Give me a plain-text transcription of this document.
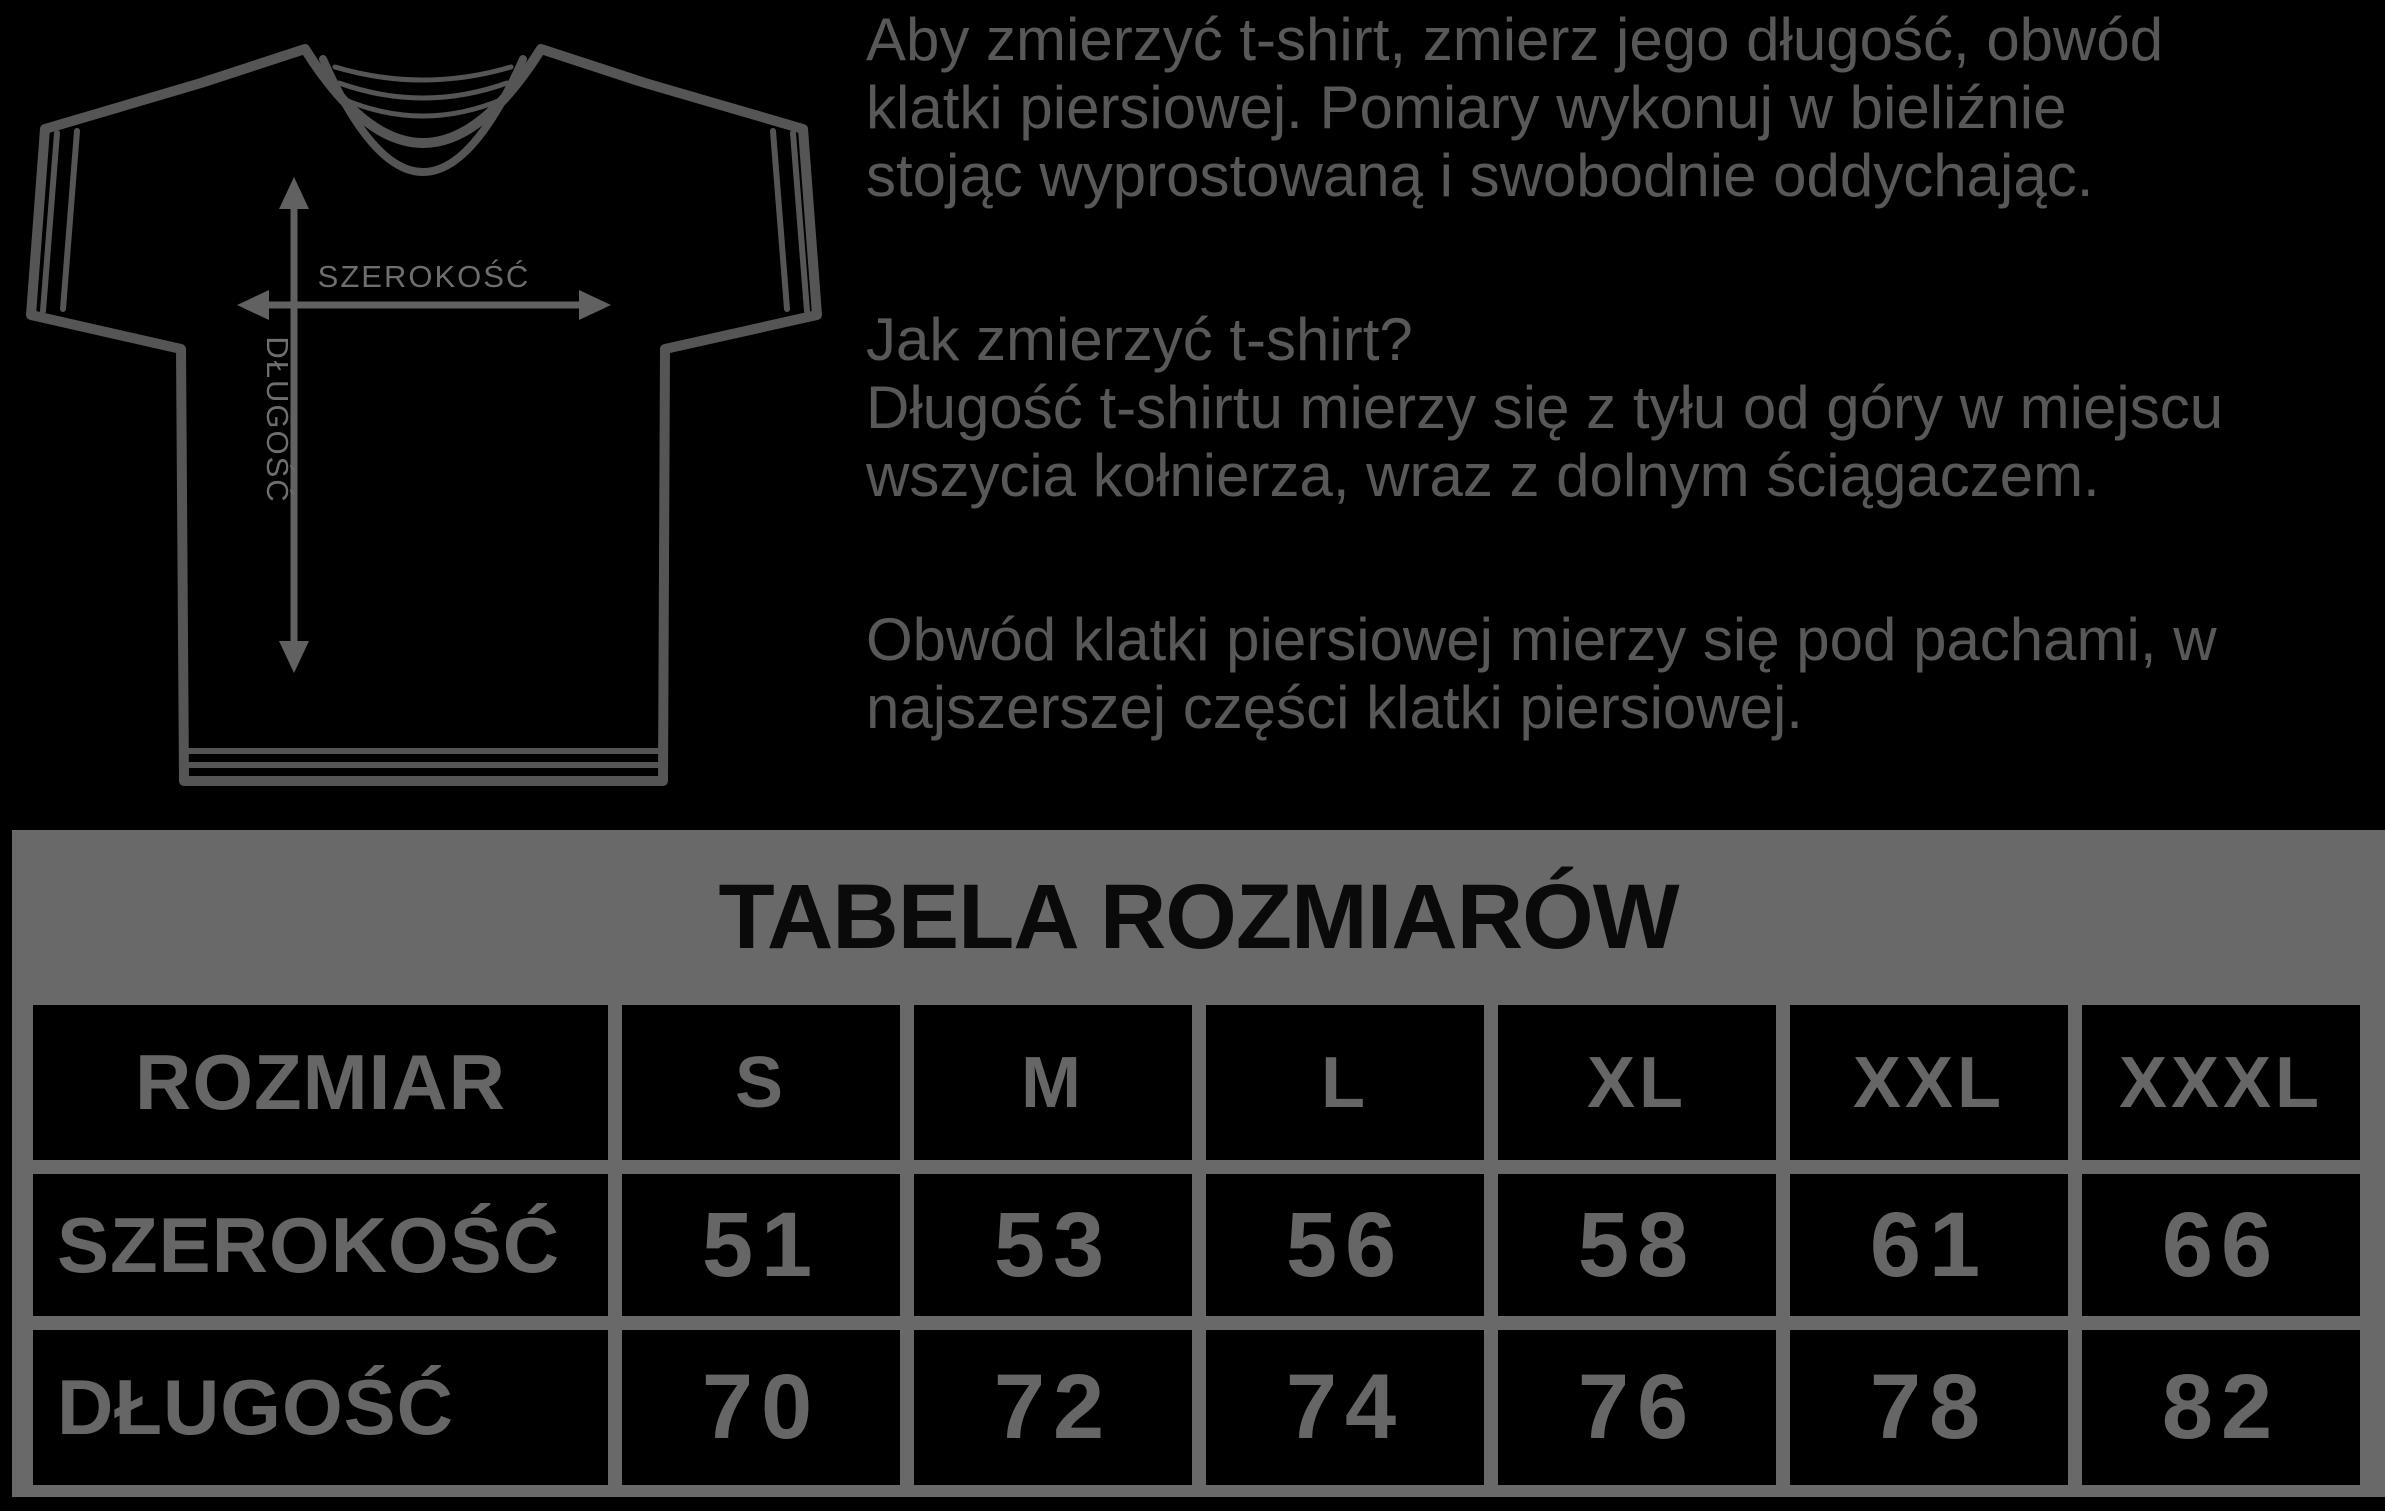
SZEROKOŚĆ
DŁUGOŚĆ
Aby zmierzyć t-shirt, zmierz jego długość, obwód
klatki piersiowej. Pomiary wykonuj w bieliźnie
stojąc wyprostowaną i swobodnie oddychając.
Jak zmierzyć t-shirt?
Długość t-shirtu mierzy się z tyłu od góry w miejscu
wszycia kołnierza, wraz z dolnym ściągaczem.
Obwód klatki piersiowej mierzy się pod pachami, w
najszerszej części klatki piersiowej.
TABELA ROZMIARÓW
ROZMIAR	S	M	L	XL	XXL	XXXL
SZEROKOŚĆ	51	53	56	58	61	66
DŁUGOŚĆ	70	72	74	76	78	82
